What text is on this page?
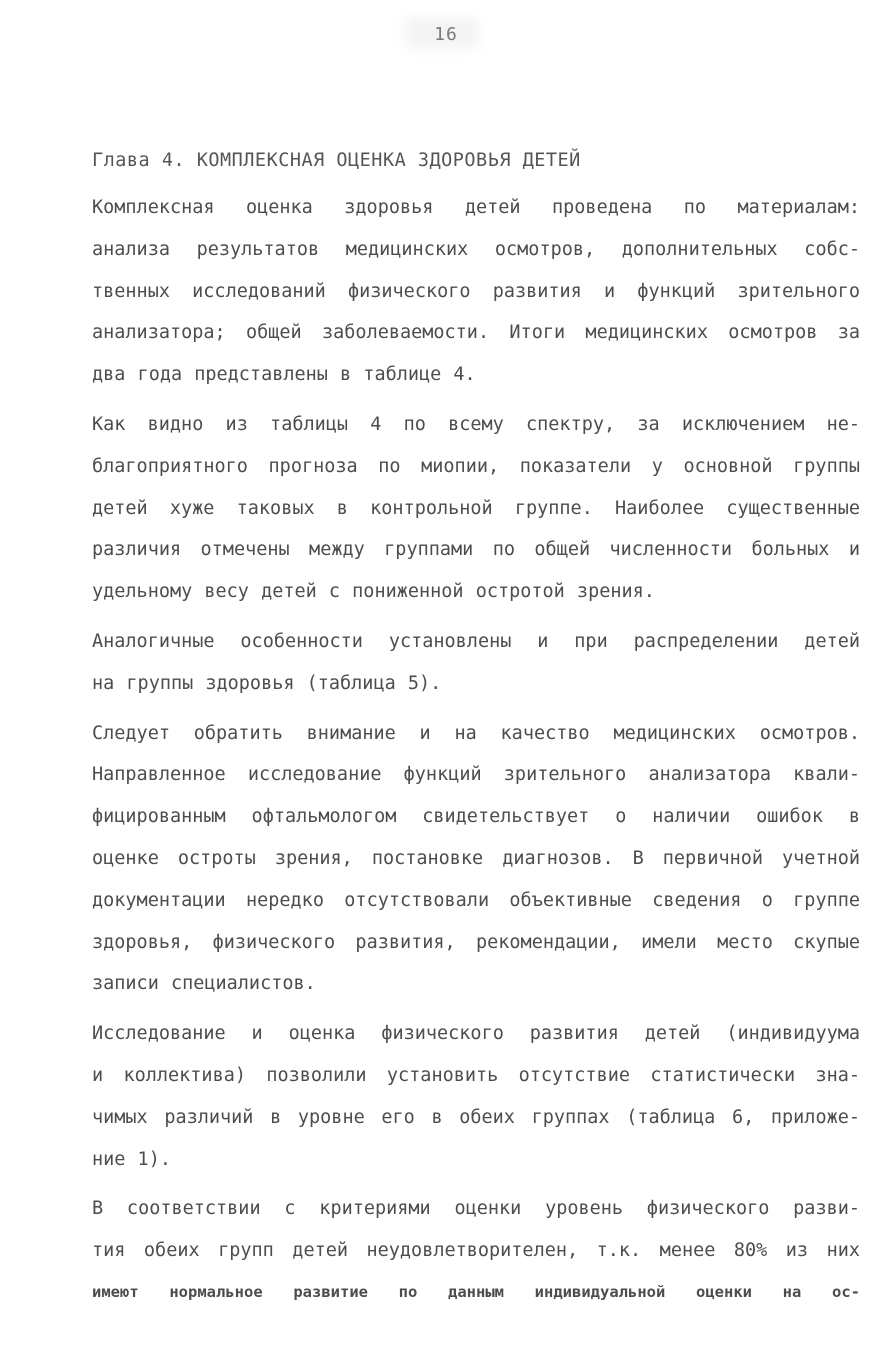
16
Глава 4. КОМПЛЕКСНАЯ ОЦЕНКА ЗДОРОВЬЯ ДЕТЕЙ
Комплексная оценка здоровья детей проведена по материалам:
анализа результатов медицинских осмотров, дополнительных собс-
твенных исследований физического развития и функций зрительного
анализатора; общей заболеваемости. Итоги медицинских осмотров за
два года представлены в таблице 4.
Как видно из таблицы 4 по всему спектру, за исключением не-
благоприятного прогноза по миопии, показатели у основной группы
детей хуже таковых в контрольной группе. Наиболее существенные
различия отмечены между группами по общей численности больных и
удельному весу детей с пониженной остротой зрения.
Аналогичные особенности установлены и при распределении детей
на группы здоровья (таблица 5).
Следует обратить внимание и на качество медицинских осмотров.
Направленное исследование функций зрительного анализатора квали-
фицированным офтальмологом свидетельствует о наличии ошибок в
оценке остроты зрения, постановке диагнозов. В первичной учетной
документации нередко отсутствовали объективные сведения о группе
здоровья, физического развития, рекомендации, имели место скупые
записи специалистов.
Исследование и оценка физического развития детей (индивидуума
и коллектива) позволили установить отсутствие статистически зна-
чимых различий в уровне его в обеих группах (таблица 6, приложе-
ние 1).
В соответствии с критериями оценки уровень физического разви-
тия обеих групп детей неудовлетворителен, т.к. менее 80% из них
имеют нормальное развитие по данным индивидуальной оценки на ос-
